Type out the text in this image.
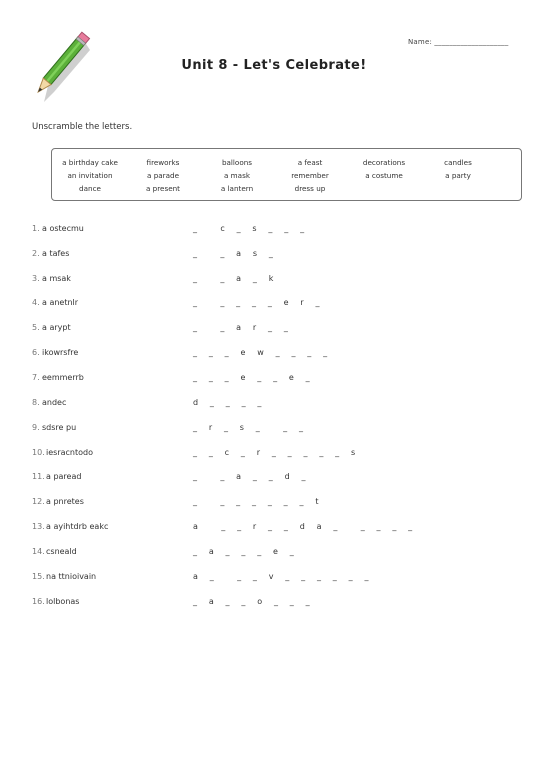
Name: ____________________
Unit 8 - Let's Celebrate!
Unscramble the letters.
a birthday cake	fireworks	balloons	a feast	decorations	candles
an invitation	a parade	a mask	remember	a costume	a party
dance	a present	a lantern	dress up
1. a ostecmu	_      c   _   s   _   _   _
2. a tafes	_      _   a   s   _
3. a msak	_      _   a   _   k
4. a anetnlr	_      _   _   _   _   e   r   _
5. a arypt	_      _   a   r   _   _
6. ikowrsfre	_   _   _   e   w   _   _   _   _
7. eemmerrb	_   _   _   e   _   _   e   _
8. andec	d   _   _   _   _
9. sdsre pu	_   r   _   s   _      _   _
10. iesracntodo	_   _   c   _   r   _   _   _   _   _   s
11. a paread	_      _   a   _   _   d   _
12. a pnretes	_      _   _   _   _   _   _   t
13. a ayihtdrb eakc	a      _   _   r   _   _   d   a   _      _   _   _   _
14. csneald	_   a   _   _   _   e   _
15. na ttnioivain	a   _      _   _   v   _   _   _   _   _   _
16. lolbonas	_   a   _   _   o   _   _   _
